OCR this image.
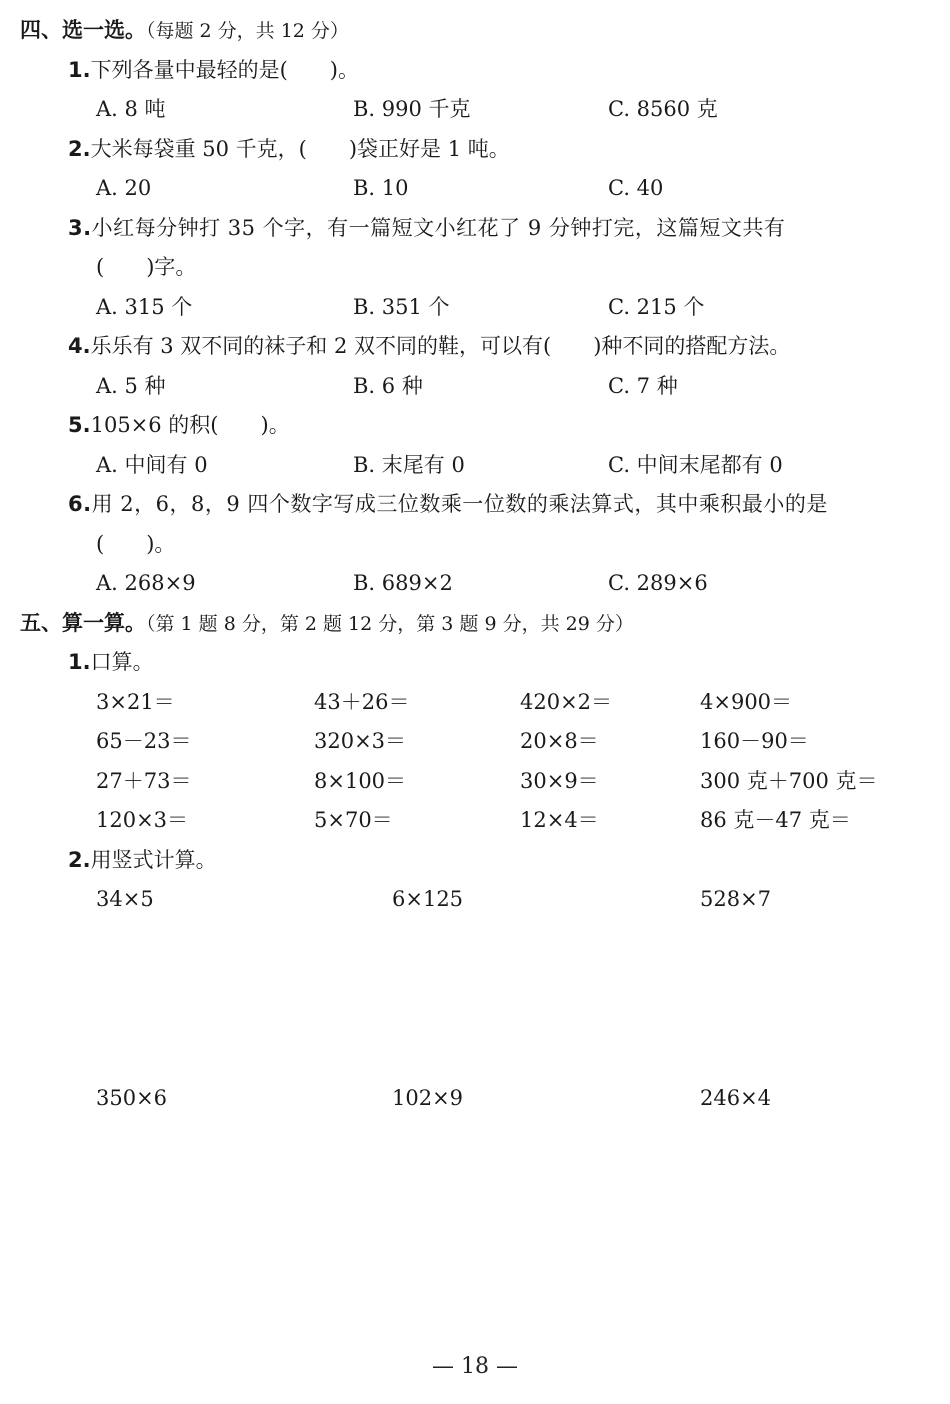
四、选一选。（每题 2 分，共 12 分）
1.下列各量中最轻的是(　　)。
A. 8 吨	B. 990 千克	C. 8560 克
2.大米每袋重 50 千克，(　　)袋正好是 1 吨。
A. 20	B. 10	C. 40
3.小红每分钟打 35 个字，有一篇短文小红花了 9 分钟打完，这篇短文共有
(　　)字。
A. 315 个	B. 351 个	C. 215 个
4.乐乐有 3 双不同的袜子和 2 双不同的鞋，可以有(　　)种不同的搭配方法。
A. 5 种	B. 6 种	C. 7 种
5.105×6 的积(　　)。
A. 中间有 0	B. 末尾有 0	C. 中间末尾都有 0
6.用 2，6，8，9 四个数字写成三位数乘一位数的乘法算式，其中乘积最小的是
(　　)。
A. 268×9	B. 689×2	C. 289×6
五、算一算。（第 1 题 8 分，第 2 题 12 分，第 3 题 9 分，共 29 分）
1.口算。
3×21＝	43＋26＝	420×2＝	4×900＝
65－23＝	320×3＝	20×8＝	160－90＝
27＋73＝	8×100＝	30×9＝	300 克＋700 克＝
120×3＝	5×70＝	12×4＝	86 克－47 克＝
2.用竖式计算。
34×5	6×125	528×7
350×6	102×9	246×4
— 18 —
